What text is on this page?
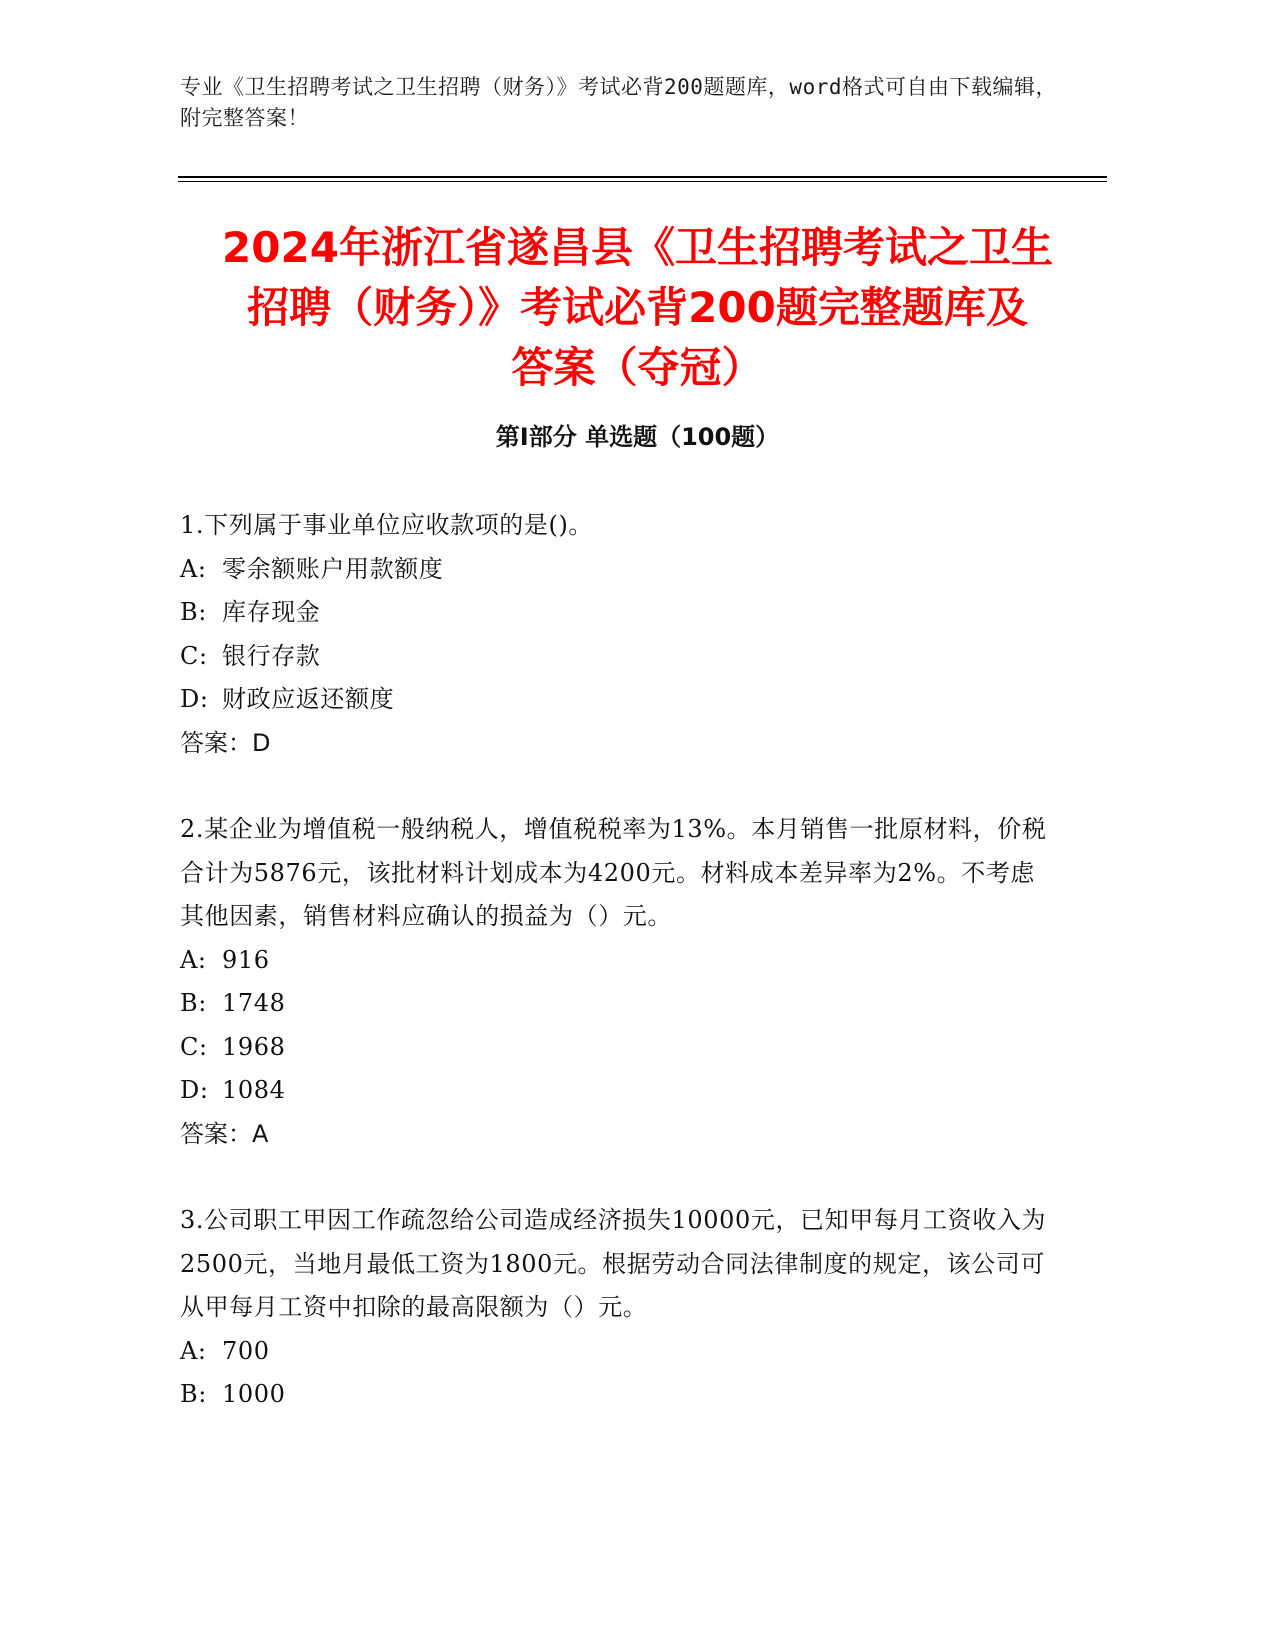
专业《卫生招聘考试之卫生招聘（财务）》考试必背200题题库，word格式可自由下载编辑，附完整答案！
2024年浙江省遂昌县《卫生招聘考试之卫生
招聘（财务）》考试必背200题完整题库及
答案（夺冠）
第Ⅰ部分 单选题（100题）
1.下列属于事业单位应收款项的是()。
A: 零余额账户用款额度
B: 库存现金
C: 银行存款
D: 财政应返还额度
答案：D
2.某企业为增值税一般纳税人，增值税税率为13%。本月销售一批原材料，价税合计为5876元，该批材料计划成本为4200元。材料成本差异率为2%。不考虑其他因素，销售材料应确认的损益为（）元。
A: 916
B: 1748
C: 1968
D: 1084
答案：A
3.公司职工甲因工作疏忽给公司造成经济损失10000元，已知甲每月工资收入为2500元，当地月最低工资为1800元。根据劳动合同法律制度的规定，该公司可从甲每月工资中扣除的最高限额为（）元。
A: 700
B: 1000
